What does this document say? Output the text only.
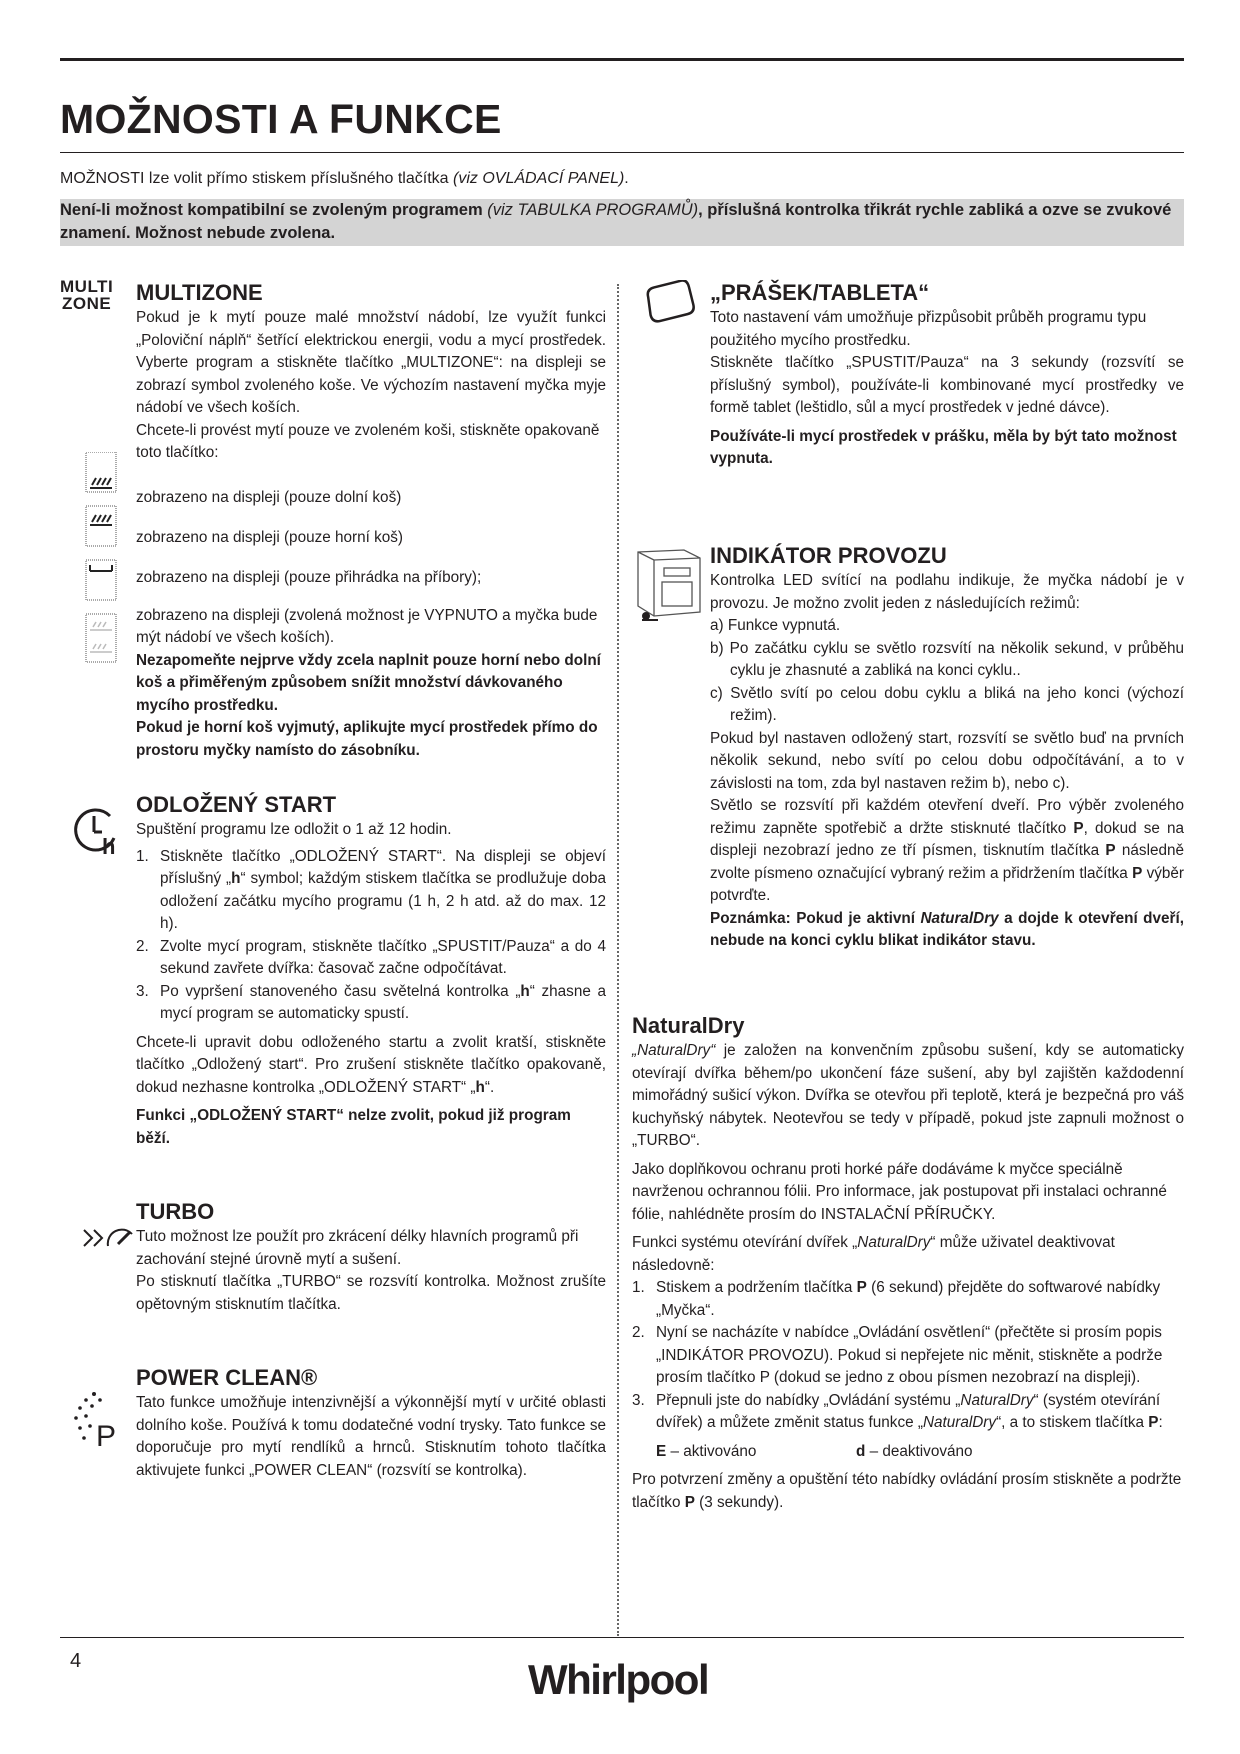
MOŽNOSTI A FUNKCE
MOŽNOSTI lze volit přímo stiskem příslušného tlačítka (viz OVLÁDACÍ PANEL).
Není-li možnost kompatibilní se zvoleným programem (viz TABULKA PROGRAMŮ), příslušná kontrolka třikrát rychle zabliká a ozve se zvukové znamení. Možnost nebude zvolena.
MULTI
ZONE
h
P
MULTIZONE

Pokud je k mytí pouze malé množství nádobí, lze využít funkci „Poloviční náplň“ šetřící elektrickou energii, vodu a mycí prostředek. Vyberte program a stiskněte tlačítko „MULTIZONE“: na displeji se zobrazí symbol zvoleného koše. Ve výchozím nastavení myčka myje nádobí ve všech koších.

Chcete-li provést mytí pouze ve zvoleném koši, stiskněte opakovaně toto tlačítko:

zobrazeno na displeji (pouze dolní koš)
zobrazeno na displeji (pouze horní koš)
zobrazeno na displeji (pouze přihrádka na příbory);

zobrazeno na displeji (zvolená možnost je VYPNUTO a myčka bude mýt nádobí ve všech koších).

Nezapomeňte nejprve vždy zcela naplnit pouze horní nebo dolní koš a přiměřeným způsobem snížit množství dávkovaného mycího prostředku.

Pokud je horní koš vyjmutý, aplikujte mycí prostředek přímo do prostoru myčky namísto do zásobníku.

ODLOŽENÝ START

Spuštění programu lze odložit o 1 až 12 hodin.

1. Stiskněte tlačítko „ODLOŽENÝ START“. Na displeji se objeví příslušný „h“ symbol; každým stiskem tlačítka se prodlužuje doba odložení začátku mycího programu (1 h, 2 h atd. až do max. 12 h).
2. Zvolte mycí program, stiskněte tlačítko „SPUSTIT/Pauza“ a do 4 sekund zavřete dvířka: časovač začne odpočítávat.
3. Po vypršení stanoveného času světelná kontrolka „h“ zhasne a mycí program se automaticky spustí.

Chcete-li upravit dobu odloženého startu a zvolit kratší, stiskněte tlačítko „Odložený start“. Pro zrušení stiskněte tlačítko opakovaně, dokud nezhasne kontrolka „ODLOŽENÝ START“ „h“.

Funkci „ODLOŽENÝ START“ nelze zvolit, pokud již program běží.

TURBO

Tuto možnost lze použít pro zkrácení délky hlavních programů při zachování stejné úrovně mytí a sušení.

Po stisknutí tlačítka „TURBO“ se rozsvítí kontrolka. Možnost zrušíte opětovným stisknutím tlačítka.

POWER CLEAN®

Tato funkce umožňuje intenzivnější a výkonnější mytí v určité oblasti dolního koše. Používá k tomu dodatečné vodní trysky. Tato funkce se doporučuje pro mytí rendlíků a hrnců. Stisknutím tohoto tlačítka aktivujete funkci „POWER CLEAN“ (rozsvítí se kontrolka).

„PRÁŠEK/TABLETA“

Toto nastavení vám umožňuje přizpůsobit průběh programu typu použitého mycího prostředku.

Stiskněte tlačítko „SPUSTIT/Pauza“ na 3 sekundy (rozsvítí se příslušný symbol), používáte-li kombinované mycí prostředky ve formě tablet (leštidlo, sůl a mycí prostředek v jedné dávce).

Používáte-li mycí prostředek v prášku, měla by být tato možnost vypnuta.

INDIKÁTOR PROVOZU

Kontrolka LED svítící na podlahu indikuje, že myčka nádobí je v provozu. Je možno zvolit jeden z následujících režimů:

a) Funkce vypnutá.

b) Po začátku cyklu se světlo rozsvítí na několik sekund, v průběhu cyklu je zhasnuté a zabliká na konci cyklu..

c) Světlo svítí po celou dobu cyklu a bliká na jeho konci (výchozí režim).

Pokud byl nastaven odložený start, rozsvítí se světlo buď na prvních několik sekund, nebo svítí po celou dobu odpočítávání, a to v závislosti na tom, zda byl nastaven režim b), nebo c).

Světlo se rozsvítí při každém otevření dveří. Pro výběr zvoleného režimu zapněte spotřebič a držte stisknuté tlačítko P, dokud se na displeji nezobrazí jedno ze tří písmen, tisknutím tlačítka P následně zvolte písmeno označující vybraný režim a přidržením tlačítka P výběr potvrďte.

Poznámka: Pokud je aktivní NaturalDry a dojde k otevření dveří, nebude na konci cyklu blikat indikátor stavu.

NaturalDry

„NaturalDry“ je založen na konvenčním způsobu sušení, kdy se automaticky otevírají dvířka během/po ukončení fáze sušení, aby byl zajištěn každodenní mimořádný sušicí výkon. Dvířka se otevřou při teplotě, která je bezpečná pro váš kuchyňský nábytek. Neotevřou se tedy v případě, pokud jste zapnuli možnost o „TURBO“.

Jako doplňkovou ochranu proti horké páře dodáváme k myčce speciálně navrženou ochrannou fólii. Pro informace, jak postupovat při instalaci ochranné fólie, nahlédněte prosím do INSTALAČNÍ PŘÍRUČKY.

Funkci systému otevírání dvířek „NaturalDry“ může uživatel deaktivovat následovně:

1. Stiskem a podržením tlačítka P (6 sekund) přejděte do softwarové nabídky „Myčka“.
2. Nyní se nacházíte v nabídce „Ovládání osvětlení“ (přečtěte si prosím popis „INDIKÁTOR PROVOZU). Pokud si nepřejete nic měnit, stiskněte a podrže prosím tlačítko P (dokud se jedno z obou písmen nezobrazí na displeji).
3. Přepnuli jste do nabídky „Ovládání systému „NaturalDry“ (systém otevírání dvířek) a můžete změnit status funkce „NaturalDry“, a to stiskem tlačítka P:
E – aktivováno	d – deaktivováno

Pro potvrzení změny a opuštění této nabídky ovládání prosím stiskněte a podržte tlačítko P (3 sekundy).

4	Whirlpool
